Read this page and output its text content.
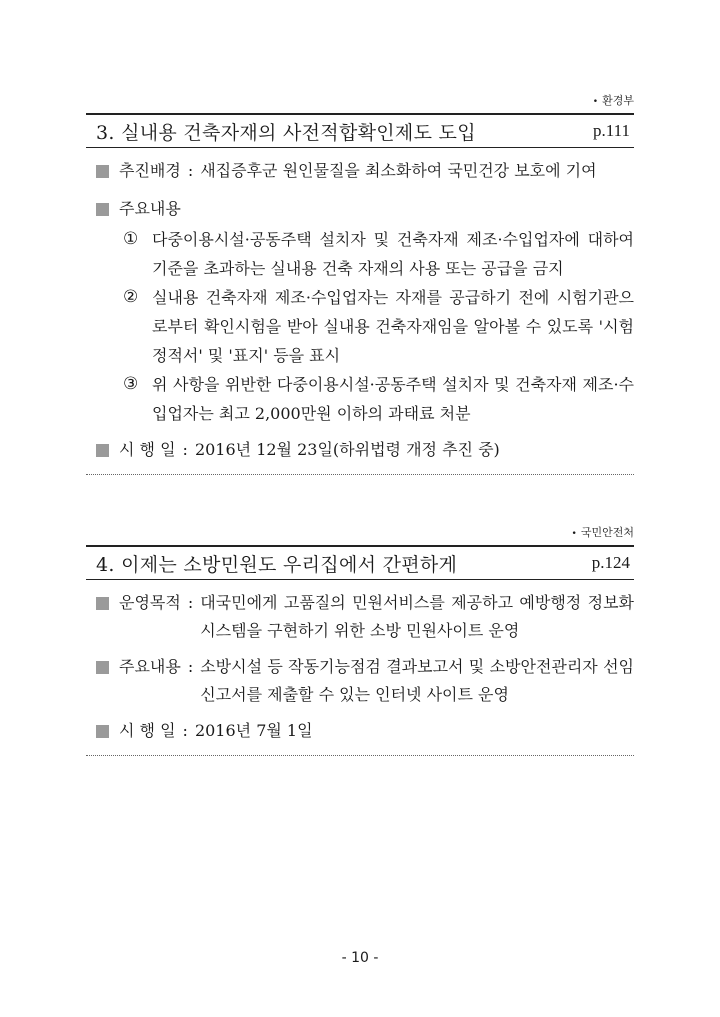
• 환경부
3. 실내용 건축자재의 사전적합확인제도 도입	p.111
추진배경 : 새집증후군 원인물질을 최소화하여 국민건강 보호에 기여
주요내용
① 다중이용시설·공동주택 설치자 및 건축자재 제조·수입업자에 대하여 기준을 초과하는 실내용 건축 자재의 사용 또는 공급을 금지
② 실내용 건축자재 제조·수입업자는 자재를 공급하기 전에 시험기관으로부터 확인시험을 받아 실내용 건축자재임을 알아볼 수 있도록 '시험정적서' 및 '표지' 등을 표시
③ 위 사항을 위반한 다중이용시설·공동주택 설치자 및 건축자재 제조·수입업자는 최고 2,000만원 이하의 과태료 처분
시 행 일 : 2016년 12월 23일(하위법령 개정 추진 중)
• 국민안전처
4. 이제는 소방민원도 우리집에서 간편하게	p.124
운영목적 : 대국민에게 고품질의 민원서비스를 제공하고 예방행정 정보화시스템을 구현하기 위한 소방 민원사이트 운영
주요내용 : 소방시설 등 작동기능점검 결과보고서 및 소방안전관리자 선임신고서를 제출할 수 있는 인터넷 사이트 운영
시 행 일 : 2016년 7월 1일
- 10 -
